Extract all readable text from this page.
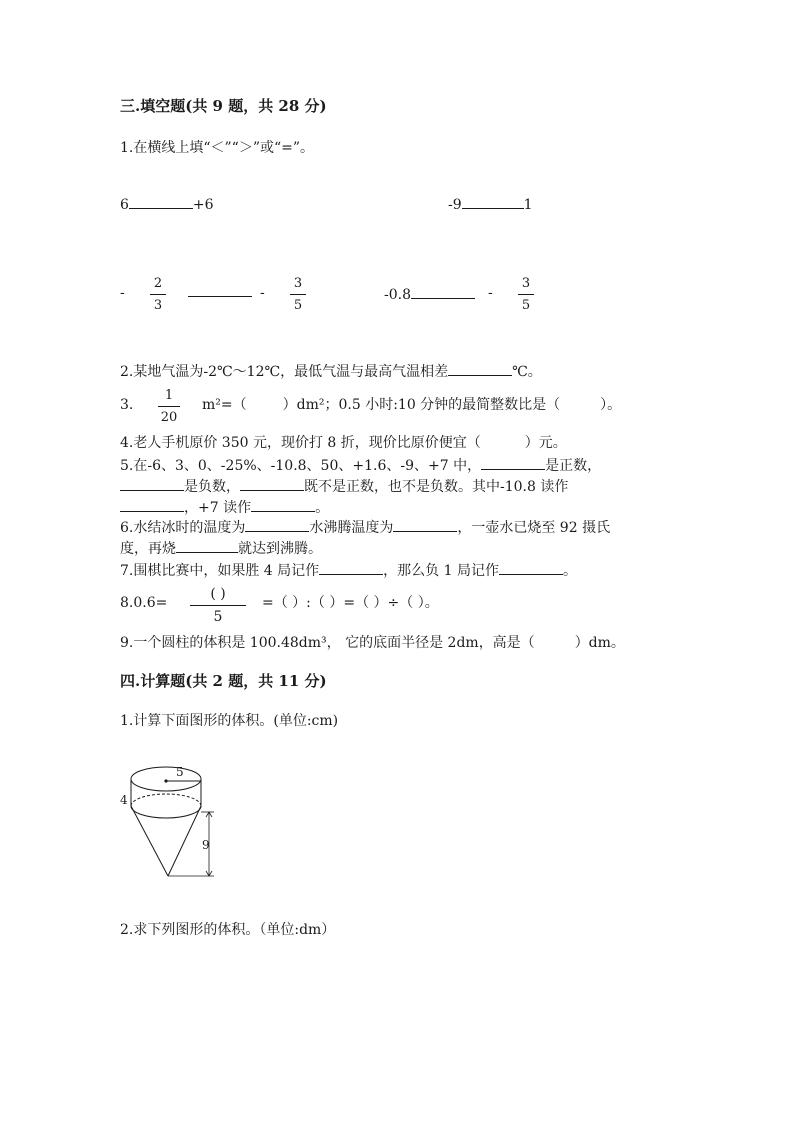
三.填空题(共 9 题，共 28 分)
1.在横线上填“＜”“＞”或“=”。
6	+6	-9	1
-
2
3
-
3
5
-0.8	-
3
5
2.某地气温为-2℃～12℃，最低气温与最高气温相差	℃。
3.
1
20
m²=（	）dm²；0.5 小时:10 分钟的最简整数比是（	）。
4.老人手机原价 350 元，现价打 8 折，现价比原价便宜（	）元。
5.在-6、3、0、-25%、-10.8、50、+1.6、-9、+7 中，	是正数，
是负数，	既不是正数，也不是负数。其中-10.8 读作
，+7 读作	。
6.水结冰时的温度为	水沸腾温度为	，一壶水已烧至 92 摄氏
度，再烧	就达到沸腾。
7.围棋比赛中，如果胜 4 局记作	，那么负 1 局记作	。
8.0.6=
( )
5
=（ ）:（ ）=（ ）÷（ ）。
9.一个圆柱的体积是 100.48dm³， 它的底面半径是 2dm，高是（	）dm。
四.计算题(共 2 题，共 11 分)
1.计算下面图形的体积。(单位:cm)
5
4
9
2.求下列图形的体积。（单位:dm）
